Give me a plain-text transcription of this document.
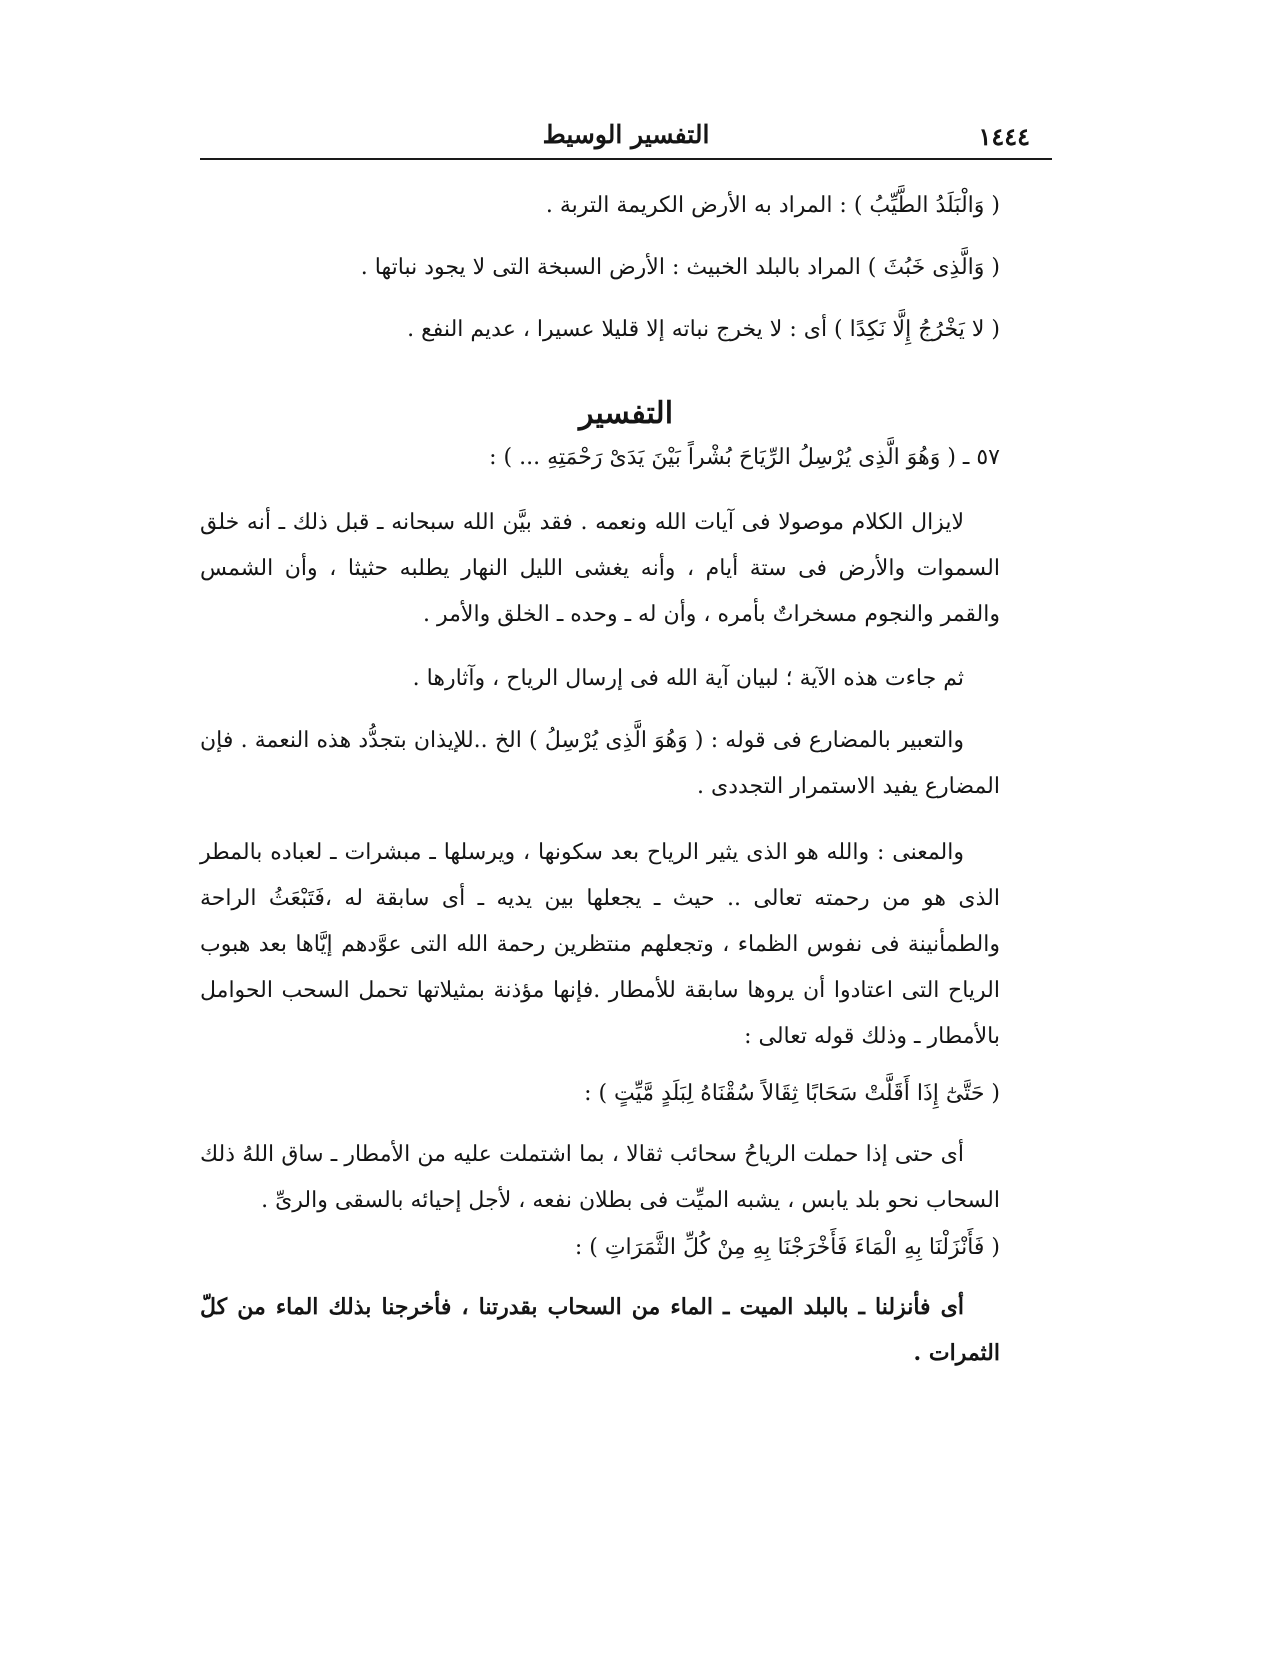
١٤٤٤
التفسير الوسيط
( وَالْبَلَدُ الطَّيِّبُ ) : المراد به الأرض الكريمة التربة .
( وَالَّذِى خَبُثَ ) المراد بالبلد الخبيث : الأرض السبخة التى لا يجود نباتها .
( لا يَخْرُجُ إِلَّا نَكِدًا ) أى : لا يخرج نباته إلا قليلا عسيرا ، عديم النفع .
التفسير
٥٧ ـ ( وَهُوَ الَّذِى يُرْسِلُ الرِّيَاحَ بُشْراً بَيْنَ يَدَىْ رَحْمَتِهِ ... ) :
لايزال الكلام موصولا فى آيات الله ونعمه . فقد بيَّن الله سبحانه ـ قبل ذلك ـ أنه خلق السموات والأرض فى ستة أيام ، وأنه يغشى الليل النهار يطلبه حثيثا ، وأن الشمس والقمر والنجوم مسخراتٌ بأمره ، وأن له ـ وحده ـ الخلق والأمر .
ثم جاءت هذه الآية ؛ لبيان آية الله فى إرسال الرياح ، وآثارها .
والتعبير بالمضارع فى قوله : ( وَهُوَ الَّذِى يُرْسِلُ ) الخ ..للإيذان بتجدُّد هذه النعمة . فإن المضارع يفيد الاستمرار التجددى .
والمعنى : والله هو الذى يثير الرياح بعد سكونها ، ويرسلها ـ مبشرات ـ لعباده بالمطر الذى هو من رحمته تعالى .. حيث ـ يجعلها بين يديه ـ أى سابقة له ،فَتَبْعَثُ الراحة والطمأنينة فى نفوس الظماء ، وتجعلهم منتظرين رحمة الله التى عوَّدهم إيَّاها بعد هبوب الرياح التى اعتادوا أن يروها سابقة للأمطار .فإنها مؤذنة بمثيلاتها تحمل السحب الحوامل بالأمطار ـ وذلك قوله تعالى :
( حَتَّىٰٓ إِذَا أَقَلَّتْ سَحَابًا ثِقَالاً سُقْنَاهُ لِبَلَدٍ مَّيِّتٍ ) :
أى حتى إذا حملت الرياحُ سحائب ثقالا ، بما اشتملت عليه من الأمطار ـ ساق اللهُ ذلك السحاب نحو بلد يابس ، يشبه الميِّت فى بطلان نفعه ، لأجل إحيائه بالسقى والرىِّ .
( فَأَنْزَلْنَا بِهِ الْمَاءَ فَأَخْرَجْنَا بِهِ مِنْ كُلِّ الثَّمَرَاتِ ) :
أى فأنزلنا ـ بالبلد الميت ـ الماء من السحاب بقدرتنا ، فأخرجنا بذلك الماء من كلّ الثمرات .
